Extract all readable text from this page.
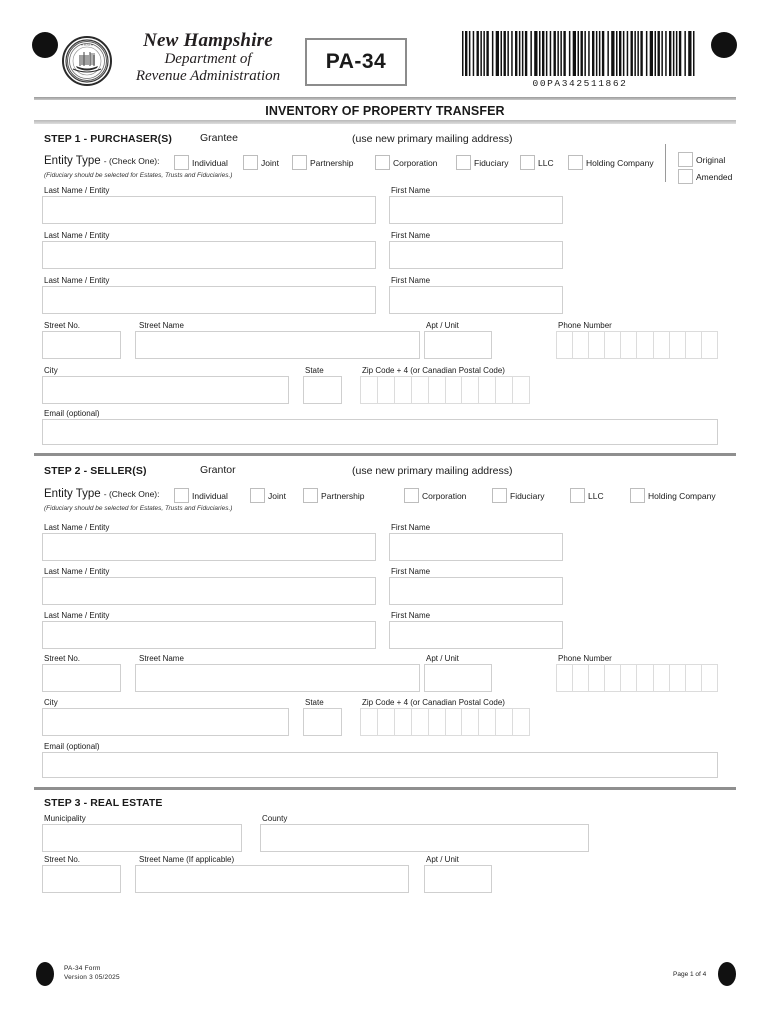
★ SEAL ★	New Hampshire
Department of
Revenue Administration
PA-34
00PA342511862
INVENTORY OF PROPERTY TRANSFER
STEP 1 - PURCHASER(S)	Grantee	(use new primary mailing address)
Entity Type - (Check One):
(Fiduciary should be selected for Estates, Trusts and Fiduciaries.)
Individual	Joint	Partnership	Corporation	Fiduciary	LLC	Holding Company	Original
Amended
Last Name / Entity	First Name
Last Name / Entity	First Name
Last Name / Entity	First Name
Street No.	Street Name	Apt / Unit	Phone Number
City	State	Zip Code + 4 (or Canadian Postal Code)
Email (optional)
STEP 2 - SELLER(S)	Grantor	(use new primary mailing address)
Entity Type - (Check One):
(Fiduciary should be selected for Estates, Trusts and Fiduciaries.)
Individual	Joint	Partnership	Corporation	Fiduciary	LLC	Holding Company
Last Name / Entity	First Name
Last Name / Entity	First Name
Last Name / Entity	First Name
Street No.	Street Name	Apt / Unit	Phone Number
City	State	Zip Code + 4 (or Canadian Postal Code)
Email (optional)
STEP 3 - REAL ESTATE
Municipality	County
Street No.	Street Name (If applicable)	Apt / Unit
PA-34 Form
Version 3 05/2025	Page 1 of 4
